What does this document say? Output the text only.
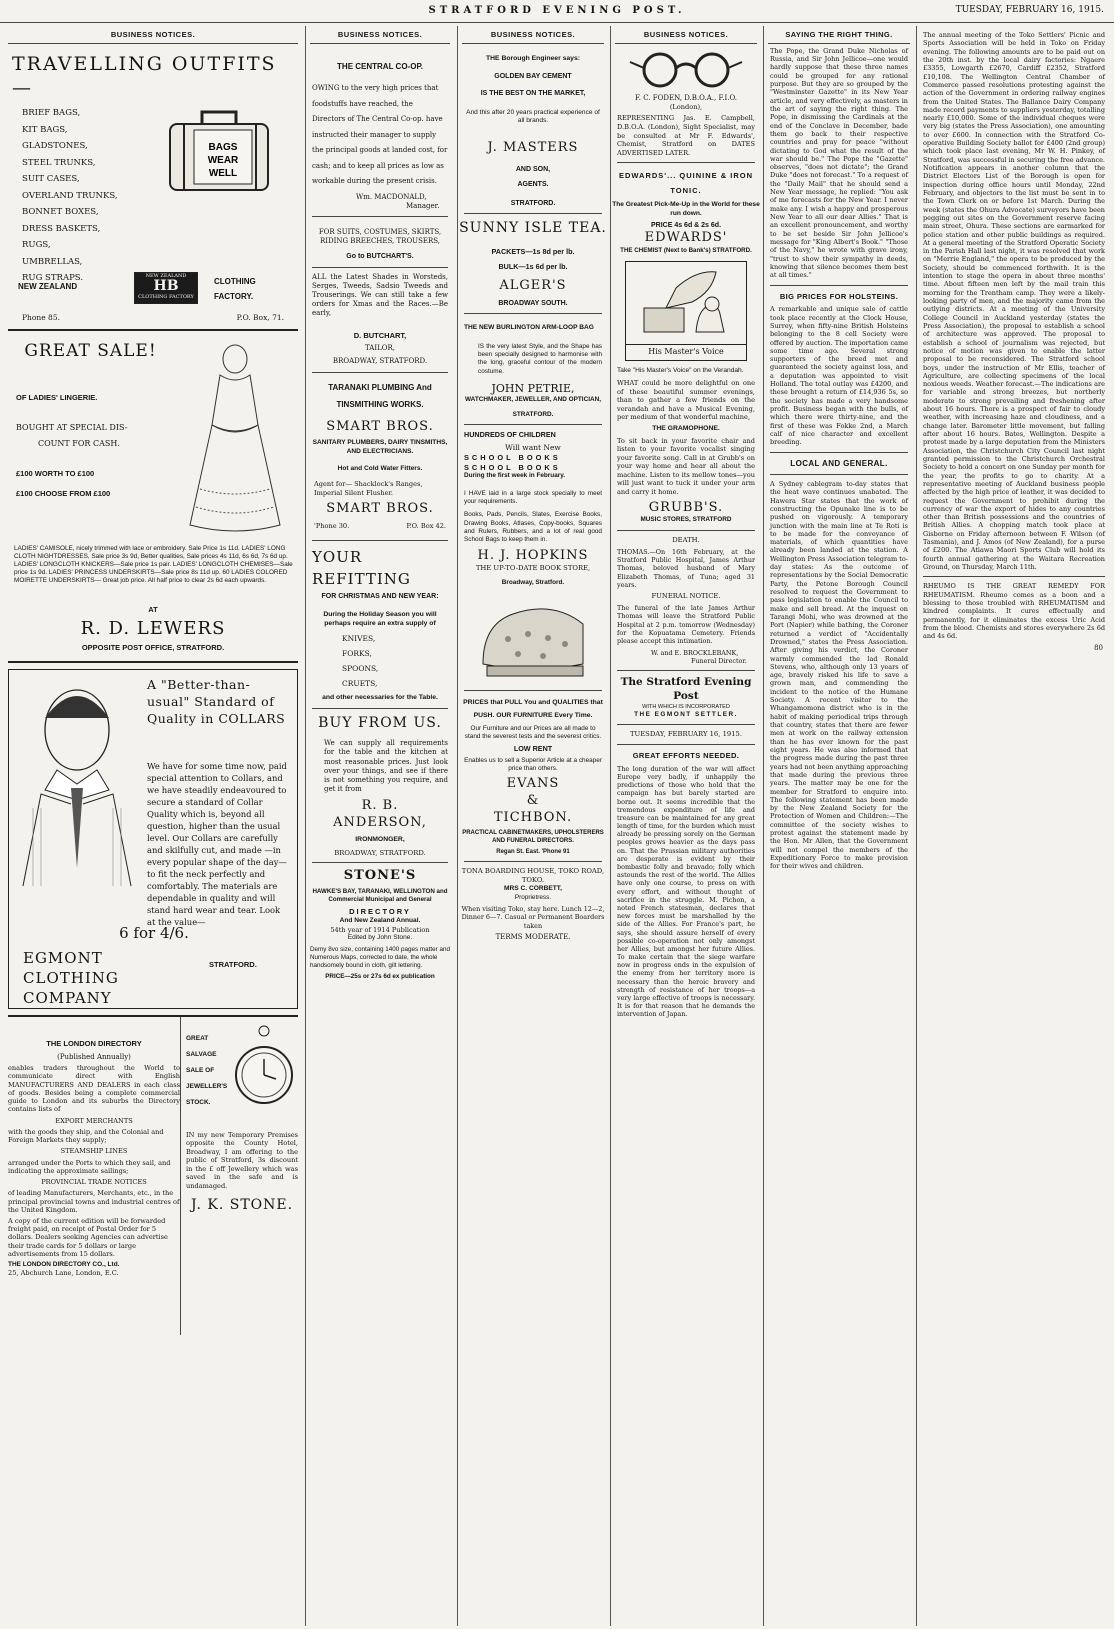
STRATFORD EVENING POST.	TUESDAY, FEBRUARY 16, 1915.
BUSINESS NOTICES.
TRAVELLING OUTFITS—
BRIEF BAGS,
KIT BAGS,
GLADSTONES,
STEEL TRUNKS,
SUIT CASES,
OVERLAND TRUNKS,
BONNET BOXES,
DRESS BASKETS,
RUGS,
UMBRELLAS,
RUG STRAPS.
BAGS
WEAR
WELL
NEW ZEALAND
NEW ZEALAND
HB
CLOTHING FACTORY
CLOTHING FACTORY.
Phone 85.	P.O. Box, 71.
GREAT SALE!
OF LADIES' LINGERIE.
BOUGHT AT SPECIAL DIS-
COUNT FOR CASH.
£100 WORTH TO £100
£100 CHOOSE FROM £100
LADIES' CAMISOLE, nicely trimmed with lace or embroidery. Sale Price 1s 11d. LADIES' LONG CLOTH NIGHTDRESSES, Sale price 3s 9d, Better qualities, Sale prices 4s 11d, 6s 6d, 7s 6d up. LADIES' LONGCLOTH KNICKERS—Sale price 1s pair. LADIES' LONGCLOTH CHEMISES—Sale price 1s 9d. LADIES' PRINCESS UNDERSKIRTS—Sale price 8s 11d up. 60 LADIES COLORED MOIRETTE UNDERSKIRTS— Great job price. All half price to clear 2s 6d each upwards.
AT
R. D. LEWERS
OPPOSITE POST OFFICE, STRATFORD.
A "Better-than-usual" Standard of Quality in COLLARS
We have for some time now, paid special attention to Collars, and we have steadily endeavoured to secure a standard of Collar Quality which is, beyond all question, higher than the usual level. Our Collars are carefully and skilfully cut, and made —in every popular shape of the day—to fit the neck perfectly and comfortably. The materials are dependable in quality and will stand hard wear and tear. Look at the value—
6 for 4/6.
EGMONT CLOTHING COMPANY
STRATFORD.
THE LONDON DIRECTORY
(Published Annually)

enables traders throughout the World to communicate direct with English MANUFACTURERS AND DEALERS in each class of goods. Besides being a complete commercial guide to London and its suburbs the Directory contains lists of

EXPORT MERCHANTS

with the goods they ship, and the Colonial and Foreign Markets they supply;

STEAMSHIP LINES

arranged under the Ports to which they sail, and indicating the approximate sailings;

PROVINCIAL TRADE NOTICES

of leading Manufacturers, Merchants, etc., in the principal provincial towns and industrial centres of the United Kingdom.

A copy of the current edition will be forwarded freight paid, on receipt of Postal Order for 5 dollars. Dealers seeking Agencies can advertise their trade cards for 5 dollars or large advertisements from 15 dollars.

THE LONDON DIRECTORY CO., Ltd.
25, Abchurch Lane, London, E.C.
GREAT SALVAGE SALE OF JEWELLER'S STOCK.

IN my new Temporary Premises opposite the County Hotel, Broadway, I am offering to the public of Stratford, 3s discount in the £ off Jewellery which was saved in the safe and is undamaged.

J. K. STONE.
BUSINESS NOTICES.
THE CENTRAL CO-OP.

OWING to the very high prices that foodstuffs have reached, the Directors of The Central Co-op. have instructed their manager to supply the principal goods at landed cost, for cash; and to keep all prices as low as workable during the present crisis.

Wm. MACDONALD,
Manager.

FOR SUITS, COSTUMES, SKIRTS, RIDING BREECHES, TROUSERS,

Go to BUTCHART'S.

ALL the Latest Shades in Worsteds, Serges, Tweeds, Sadsio Tweeds and Trouserings. We can still take a few orders for Xmas and the Races.—Be early,

D. BUTCHART,
TAILOR,
BROADWAY, STRATFORD.
TARANAKI PLUMBING And TINSMITHING WORKS.
SMART BROS.
SANITARY PLUMBERS, DAIRY TINSMITHS, AND ELECTRICIANS.
Hot and Cold Water Fitters.

Agent for— Shacklock's Ranges, Imperial Silent Flusher.

SMART BROS.
'Phone 30.	P.O. Box 42.
YOUR REFITTING
FOR CHRISTMAS AND NEW YEAR:

During the Holiday Season you will perhaps require an extra supply of

KNIVES,
FORKS,
SPOONS,
CRUETS,

and other necessaries for the Table.

BUY FROM US.

We can supply all requirements for the table and the kitchen at most reasonable prices. Just look over your things, and see if there is not something you require, and get it from

R. B.
ANDERSON,
IRONMONGER,
BROADWAY, STRATFORD.
STONE'S

HAWKE'S BAY, TARANAKI, WELLINGTON and Commercial Municipal and General

DIRECTORY
And New Zealand Annual.
54th year of 1914 Publication
Edited by John Stone.

Demy 8vo size, containing 1400 pages matter and Numerous Maps, corrected to date, the whole handsomely bound in cloth, gilt lettering.

PRICE—25s or 27s 6d ex publication
BUSINESS NOTICES.

THE Borough Engineer says:

GOLDEN BAY CEMENT
IS THE BEST ON THE MARKET,

And this after 20 years practical experience of all brands.

J. MASTERS
AND SON,
AGENTS.
STRATFORD.
SUNNY ISLE TEA.
PACKETS—1s 8d per lb.
BULK—1s 6d per lb.
ALGER'S
BROADWAY SOUTH.

THE NEW BURLINGTON ARM-LOOP BAG

IS the very latest Style, and the Shape has been specially designed to harmonise with the long, graceful contour of the modern costume.

JOHN PETRIE,
WATCHMAKER, JEWELLER, AND OPTICIAN,
STRATFORD.
HUNDREDS OF CHILDREN
Will want New
SCHOOL BOOKS
SCHOOL BOOKS
During the first week in February.

I HAVE laid in a large stock specially to meet your requirements.

Books, Pads, Pencils, Slates, Exercise Books, Drawing Books, Atlases, Copy-books, Squares and Rulers, Rubbers, and a lot of real good School Bags to keep them in.

H. J. HOPKINS
THE UP-TO-DATE BOOK STORE,
Broadway, Stratford.

PRICES that PULL You and QUALITIES that PUSH. OUR FURNITURE Every Time.

Our Furniture and our Prices are all made to stand the severest tests and the severest critics.

LOW RENT

Enables us to sell a Superior Article at a cheaper price than others.

EVANS
&
TICHBON.

PRACTICAL CABINETMAKERS, UPHOLSTERERS AND FUNERAL DIRECTORS.

Regan St. East. 'Phone 91
TONA BOARDING HOUSE, TOKO ROAD, TOKO.
MRS C. CORBETT,
Proprietress.

When visiting Toko, stay here. Lunch 12—2, Dinner 6—7. Casual or Permanent Boarders taken

TERMS MODERATE.
BUSINESS NOTICES.
F. C. FODEN, D.B.O.A., F.I.O.
(London),

REPRESENTING Jas. E. Campbell, D.B.O.A. (London), Sight Specialist, may be consulted at Mr F. Edwards', Chemist, Stratford on DATES ADVERTISED LATER.

EDWARDS'... QUININE & IRON TONIC.

The Greatest Pick-Me-Up in the World for these run down.

PRICE 4s 6d & 2s 6d.
EDWARDS'
THE CHEMIST (Next to Bank's) STRATFORD.
His Master's Voice

Take "His Master's Voice" on the Verandah.

WHAT could be more delightful on one of these beautiful summer evenings, than to gather a few friends on the verandah and have a Musical Evening, per medium of that wonderful machine,

THE GRAMOPHONE.

To sit back in your favorite chair and listen to your favorite vocalist singing your favorite song. Call in at Grubb's on your way home and hear all about the machine. Listen to its mellow tones—you will just want to tuck it under your arm and carry it home.

GRUBB'S.
MUSIC STORES, STRATFORD
DEATH.

THOMAS.—On 16th February, at the Stratford Public Hospital, James Arthur Thomas, beloved husband of Mary Elizabeth Thomas, of Tuna; aged 31 years.

FUNERAL NOTICE.

The funeral of the late James Arthur Thomas will leave the Stratford Public Hospital at 2 p.m. tomorrow (Wednesday) for the Kopuatama Cemetery. Friends please accept this intimation.

W. and E. BROCKLEBANK,
Funeral Director.
The Stratford Evening Post
WITH WHICH IS INCORPORATED
THE EGMONT SETTLER.
TUESDAY, FEBRUARY 16, 1915.
GREAT EFFORTS NEEDED.

The long duration of the war will affect Europe very badly, if unhappily the predictions of those who hold that the campaign has but barely started are borne out. It seems incredible that the tremendous expenditure of life and treasure can be maintained for any great length of time, for the burden which must already be pressing sorely on the German peoples grows heavier as the days pass on. That the Prussian military authorities are desperate is evident by their bombastic folly and bravado; folly which astounds the rest of the world. The Allies have only one course, to press on with every effort, and without thought of sacrifice in the struggle. M. Pichon, a noted French statesman, declares that new forces must be marshalled by the side of the Allies. For France's part, he says, she should assure herself of every possible co-operation not only amongst her Allies, but amongst her future Allies. To make certain that the siege warfare now in progress ends in the expulsion of the enemy from her territory more is necessary than the heroic bravery and strength of resistance of her troops—a very large effective of troops is necessary. It is for that reason that he demands the intervention of Japan.

SAYING THE RIGHT THING.

The Pope, the Grand Duke Nicholas of Russia, and Sir John Jellicoe—one would hardly suppose that these three names could be grouped for any rational purpose. But they are so grouped by the "Westminster Gazette" in its New Year article, and very effectively, as masters in the art of saying the right thing. The Pope, in dismissing the Cardinals at the end of the Conclave in December, bade them go back to their respective countries and pray for peace "without dictating to God what the result of the war should be." The Pope the "Gazette" observes, "does not dictate"; the Grand Duke "does not forecast." To a request of the "Daily Mail" that he should send a New Year message, he replied: "You ask of me forecasts for the New Year. I never make any. I wish a happy and prosperous New Year to all our dear Allies." That is an excellent pronouncement, and worthy to be set beside Sir John Jellicoe's message for "King Albert's Book." "Those of the Navy," he wrote with grave irony, "trust to show their sympathy in deeds, knowing that silence becomes them best at all times."

BIG PRICES FOR HOLSTEINS.

A remarkable and unique sale of cattle took place recently at the Clock House, Surrey, when fifty-nine British Holsteins belonging to the 8 cell Society were offered by auction. The importation came some time ago. Several strong supporters of the breed met and guaranteed the society against loss, and a deputation was appointed to visit Holland. The total outlay was £4200, and these brought a return of £14,936 5s, so the society has made a very handsome profit. Business began with the bulls, of which there were thirty-nine, and the first of these was Fokke 2nd, a March calf of nice character and excellent breeding.

LOCAL AND GENERAL.

A Sydney cablegram to-day states that the heat wave continues unabated. The Hawera Star states that the work of constructing the Opunake line is to be pushed on vigorously. A temporary junction with the main line at Te Roti is to be made for the conveyance of materials, of which quantities have already been landed at the station. A Wellington Press Association telegram to-day states: As the outcome of representations by the Social Democratic Party, the Petone Borough Council resolved to request the Government to pass legislation to enable the Council to make and sell bread. At the inquest on Tarangi Mohi, who was drowned at the Port (Napier) while bathing, the Coroner returned a verdict of "Accidentally Drowned," states the Press Association. After giving his verdict, the Coroner warmly commended the lad Ronald Stevens, who, although only 13 years of age, bravely risked his life to save a grown man, and commending the incident to the notice of the Humane Society. A recent visitor to the Whangamomona district who is in the habit of making periodical trips through that country, states that there are fewer men at work on the railway extension than he has ever known for the past eight years. He was also informed that the progress made during the past three years had not been anything approaching that made during the previous three years. The matter may be one for the member for Stratford to enquire into. The following statement has been made by the New Zealand Society for the Protection of Women and Children:—The committee of the society wishes to protest against the statement made by the Hon. Mr Allen, that the Government will not compel the members of the Expeditionary Force to make provision for their wives and children.

The annual meeting of the Toko Settlers' Picnic and Sports Association will be held in Toko on Friday evening. The following amounts are to be paid out on the 20th inst. by the local dairy factories: Ngaere £3355, Lowgarth £2670, Cardiff £2352, Stratford £10,108. The Wellington Central Chamber of Commerce passed resolutions protesting against the action of the Government in ordering railway engines from the United States. The Ballance Dairy Company made record payments to suppliers yesterday, totalling nearly £10,000. Some of the individual cheques were very big (states the Press Association), one amounting to over £600. In connection with the Stratford Co-operative Building Society ballot for £400 (2nd group) which took place last evening, Mr W. H. Pinkey, of Stratford, was successful in securing the free advance. Notification appears in another column that the District Electors List of the Borough is open for inspection during office hours until Monday, 22nd February, and objectors to the list must be sent in to the Town Clerk on or before 1st March. During the week (states the Ohura Advocate) surveyors have been pegging out sites on the Government reserve facing main street, Ohura. These sections are earmarked for police station and other public buildings as required. At a general meeting of the Stratford Operatic Society in the Parish Hall last night, it was resolved that work on "Merrie England," the opera to be produced by the Society, should be commenced forthwith. It is the intention to stage the opera in about three months' time. About fifteen men left by the mail train this morning for the Trentham camp. They were a likely-looking party of men, and the majority came from the outlying districts. At a meeting of the University College Council in Auckland yesterday (states the Press Association), the proposal to establish a school of architecture was approved. The proposal to establish a school of journalism was rejected, but notice of motion was given to enable the latter proposal to be reconsidered. The Stratford school boys, under the instruction of Mr Ellis, teacher of Agriculture, are collecting specimens of the local noxious weeds. Weather forecast.—The indications are for variable and strong breezes, but northerly moderate to strong prevailing and freshening after about 16 hours. There is a prospect of fair to cloudy weather, with increasing haze and cloudiness, and a change later. Barometer little movement, but falling after about 16 hours. Bates, Wellington. Despite a protest made by a large deputation from the Ministers Association, the Christchurch City Council last night granted permission to the Christchurch Orchestral Society to hold a concert on one Sunday per month for the year, the profits to go to charity. At a representative meeting of Auckland business people affected by the high price of leather, it was decided to request the Government to prohibit during the currency of war the export of hides to any countries other than British possessions and the countries of British Allies. A chopping match took place at Gisborne on Friday afternoon between F. Wilson (of Tasmania), and J. Amos (of New Zealand), for a purse of £200. The Atiawa Maori Sports Club will hold its fourth annual gathering at the Waitara Recreation Ground, on Thursday, March 11th.

RHEUMO IS THE GREAT REMEDY FOR RHEUMATISM. Rheumo comes as a boon and a blessing to those troubled with RHEUMATISM and kindred complaints. It cures effectually and permanently, for it eliminates the excess Uric Acid from the blood. Chemists and stores everywhere 2s 6d and 4s 6d.

80
